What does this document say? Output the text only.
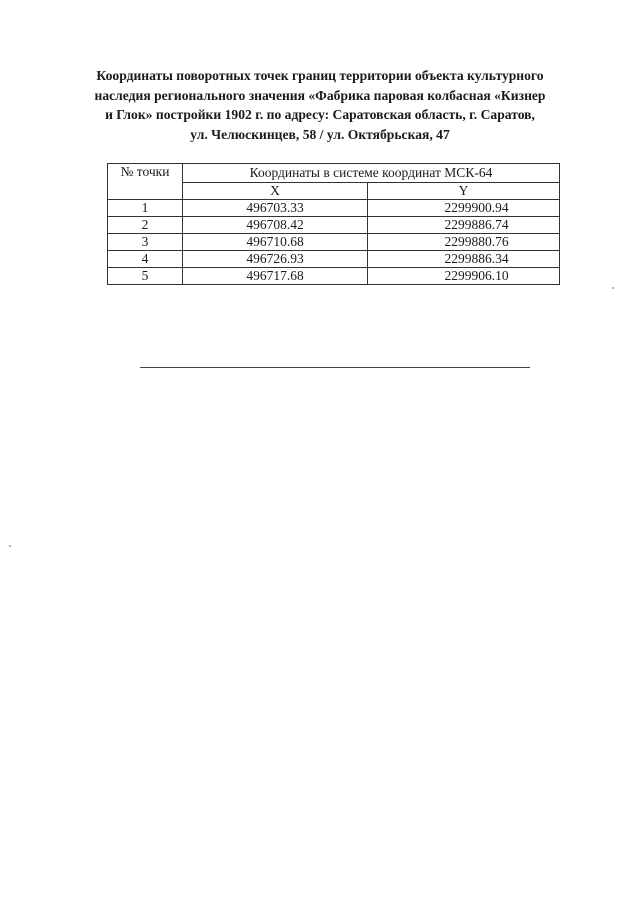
Координаты поворотных точек границ территории объекта культурного
наследия регионального значения «Фабрика паровая колбасная «Кизнер
и Глок» постройки 1902 г. по адресу: Саратовская область, г. Саратов,
ул. Челюскинцев, 58 / ул. Октябрьская, 47
№ точки	Координаты в системе координат МСК-64	
	X	Y
1	496703.33	2299900.94
2	496708.42	2299886.74
3	496710.68	2299880.76
4	496726.93	2299886.34
5	496717.68	2299906.10
